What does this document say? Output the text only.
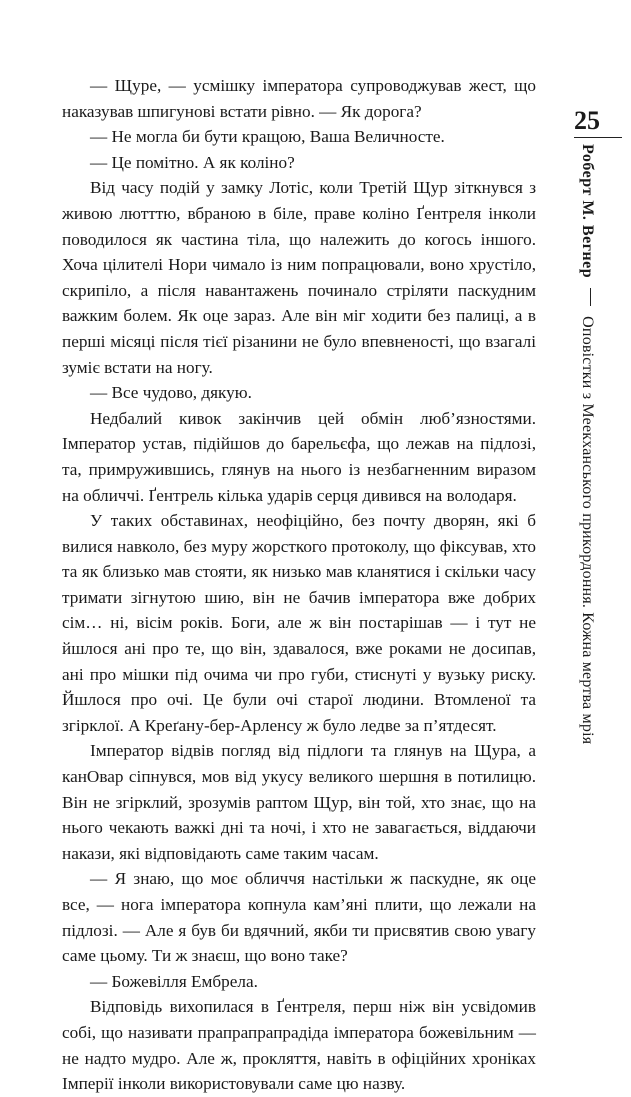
25
Роберт М. Вегнер  Оповістки з Меекханського прикордоння. Кожна мертва мрія

— Щуре, — усмішку імператора супроводжував жест, що наказував шпигунові встати рівно. — Як дорога?

— Не могла би бути кращою, Ваша Величносте.

— Це помітно. А як коліно?

Від часу подій у замку Лотіс, коли Третій Щур зіткнувся з живою лютттю, вбраною в біле, праве коліно Ґентреля інколи поводилося як частина тіла, що належить до когось іншого. Хоча цілителі Нори чимало із ним попрацювали, воно хрустіло, скрипіло, а після навантажень починало стріляти паскудним важким болем. Як оце зараз. Але він міг ходити без палиці, а в перші місяці після тієї різанини не було впевненості, що взагалі зуміє встати на ногу.

— Все чудово, дякую.

Недбалий кивок закінчив цей обмін люб’язностями. Імператор устав, підійшов до барельєфа, що лежав на підлозі, та, примружившись, глянув на нього із незбагненним виразом на обличчі. Ґентрель кілька ударів серця дивився на володаря.

У таких обставинах, неофіційно, без почту дворян, які б вилися навколо, без муру жорсткого протоколу, що фіксував, хто та як близько мав стояти, як низько мав кланятися і скільки часу тримати зігнутою шию, він не бачив імператора вже добрих сім… ні, вісім років. Боги, але ж він постарішав — і тут не йшлося ані про те, що він, здавалося, вже роками не досипав, ані про мішки під очима чи про губи, стиснуті у вузьку риску. Йшлося про очі. Це були очі старої людини. Втомленої та згірклої. А Креґану-бер-Арленсу ж було ледве за п’ятдесят.

Імператор відвів погляд від підлоги та глянув на Щура, а канОвар сіпнувся, мов від укусу великого шершня в потилицю. Він не згірклий, зрозумів раптом Щур, він той, хто знає, що на нього чекають важкі дні та ночі, і хто не завагається, віддаючи накази, які відповідають саме таким часам.

— Я знаю, що моє обличчя настільки ж паскудне, як оце все, — нога імператора копнула кам’яні плити, що лежали на підлозі. — Але я був би вдячний, якби ти присвятив свою увагу саме цьому. Ти ж знаєш, що воно таке?

— Божевілля Ембрела.

Відповідь вихопилася в Ґентреля, перш ніж він усвідомив собі, що називати прапрапрапрадіда імператора божевільним — не надто мудро. Але ж, прокляття, навіть в офіційних хроніках Імперії інколи використовували саме цю назву.
